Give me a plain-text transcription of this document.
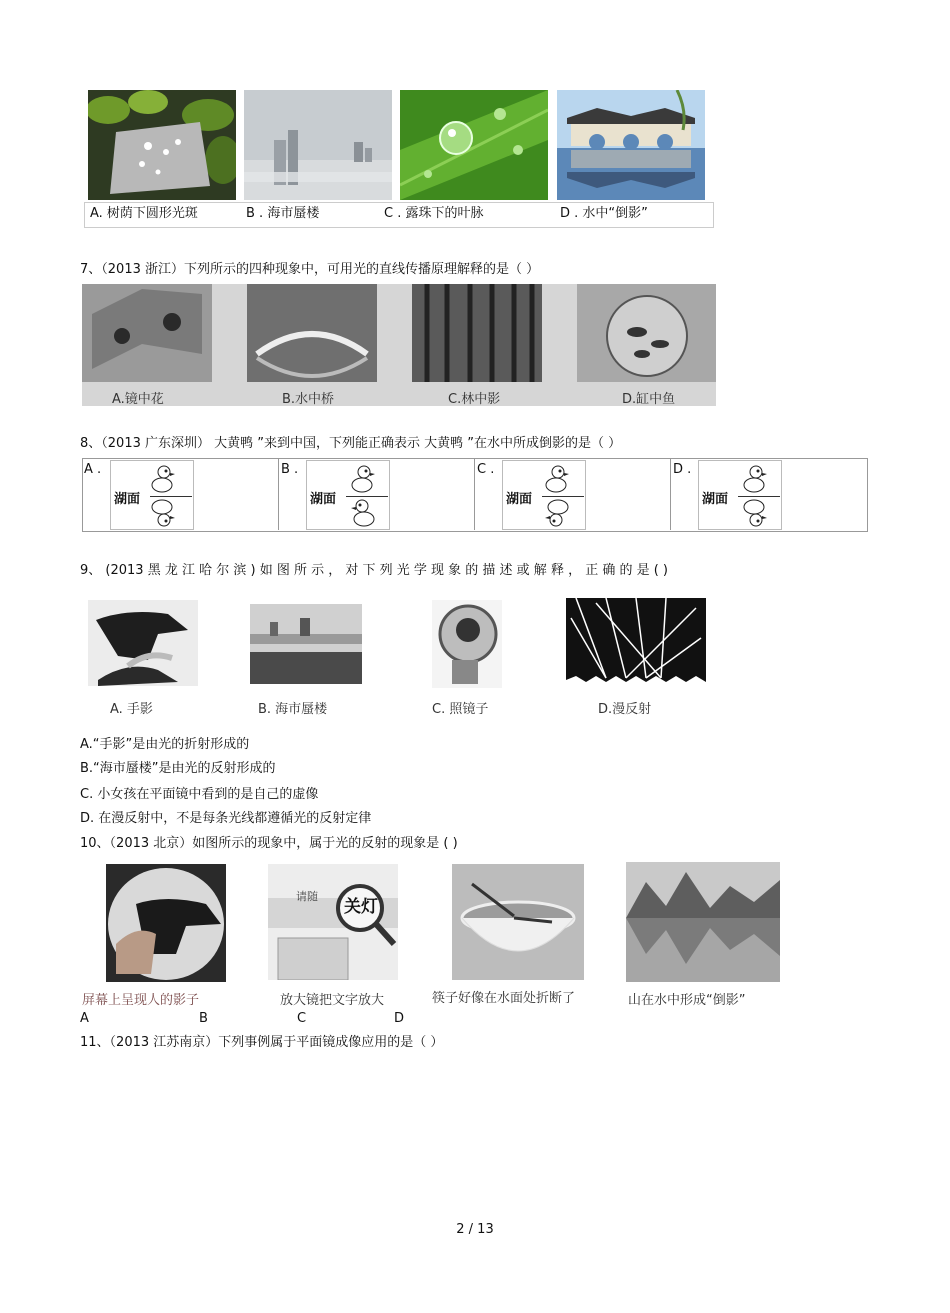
A. 树荫下圆形光斑	B . 海市蜃楼	C . 露珠下的叶脉	D . 水中“倒影”
7、（2013 浙江）下列所示的四种现象中，可用光的直线传播原理解释的是（ ）
A.镜中花	B.水中桥	C.林中影	D.缸中鱼
8、（2013 广东深圳） 大黄鸭 ”来到中国，下列能正确表示 大黄鸭 ”在水中所成倒影的是（ ）
A .	B .	C .	D .
湖面	湖面	湖面	湖面
9、 (2013 黑 龙 江 哈 尔 滨 ) 如 图 所 示 ， 对 下 列 光 学 现 象 的 描 述 或 解 释 ， 正 确 的 是 ( )
A. 手影	B. 海市蜃楼	C. 照镜子	D.漫反射
A.“手影”是由光的折射形成的
B.“海市蜃楼”是由光的反射形成的
C. 小女孩在平面镜中看到的是自己的虚像
D. 在漫反射中，不是每条光线都遵循光的反射定律
10、（2013 北京）如图所示的现象中，属于光的反射的现象是 ( )
请随
关灯
屏幕上呈现人的影子	放大镜把文字放大	筷子好像在水面处折断了	山在水中形成“倒影”
A	B	C	D
11、（2013 江苏南京）下列事例属于平面镜成像应用的是（ ）
2 / 13
